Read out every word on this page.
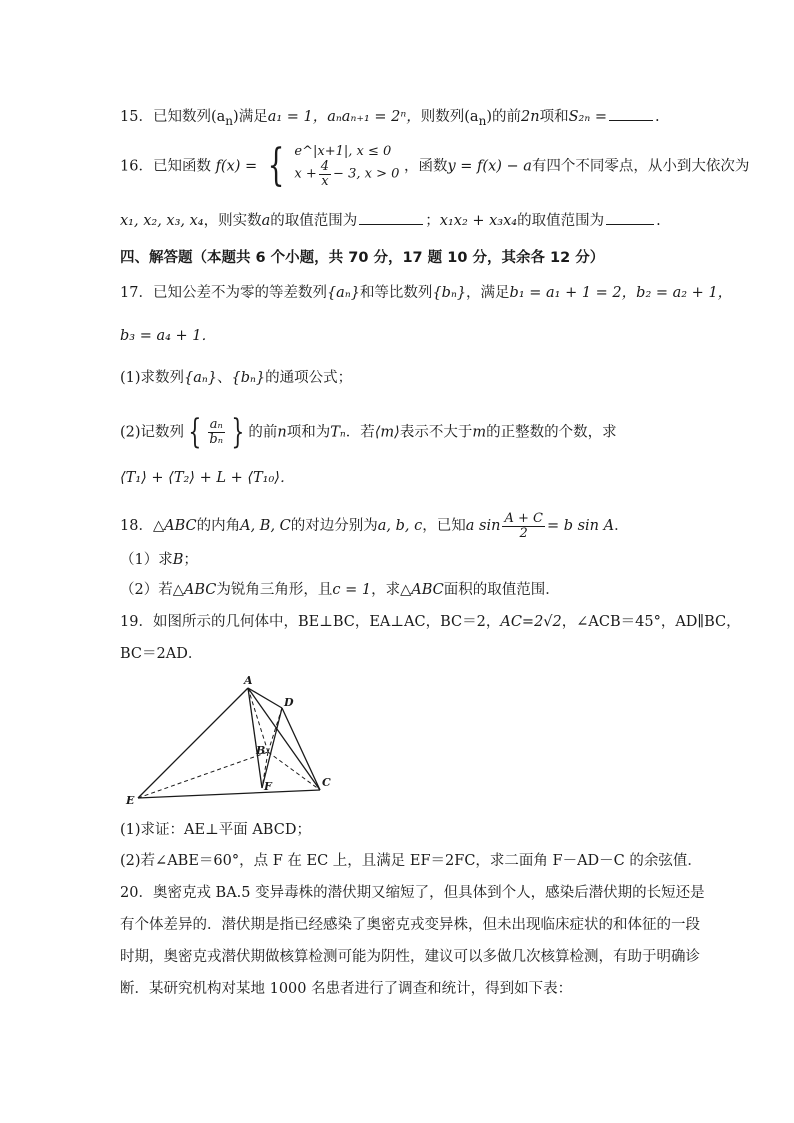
15．已知数列$(a_n)$满足a₁ = 1，aₙaₙ₊₁ = 2ⁿ，则数列$(a_n)$的前2n项和S₂ₙ =	.
16．已知函数 f(x) = { e^|x+1|, x ≤ 0
$x + \frac{4}{x} - 3$, x > 0
，函数y = f(x) − a有四个不同零点，从小到大依次为
x₁, x₂, x₃, x₄，则实数a的取值范围为	；x₁x₂ + x₃x₄的取值范围为	.
四、解答题（本题共 6 个小题，共 70 分，17 题 10 分，其余各 12 分）
17．已知公差不为零的等差数列{aₙ}和等比数列{bₙ}，满足b₁ = a₁ + 1 = 2，b₂ = a₂ + 1，
b₃ = a₄ + 1．
(1)求数列{aₙ}、{bₙ}的通项公式；
(2)记数列 { $\frac{\text{aₙ}}{\text{bₙ}}$ } 的前n项和为Tₙ．若⟨m⟩表示不大于m的正整数的个数，求
⟨T₁⟩ + ⟨T₂⟩ + L + ⟨T₁₀⟩．
18．△ABC的内角A, B, C的对边分别为a, b, c，已知a $\sin \frac{A + C}{2} = b$ sin A．
（1）求B；
（2）若△ABC为锐角三角形，且c = 1，求△ABC面积的取值范围．
19．如图所示的几何体中，BE⊥BC，EA⊥AC，BC＝2，AC=2√2，∠ACB＝45°，AD∥BC，
BC＝2AD．
A
D
B
C
E
F
(1)求证：AE⊥平面 ABCD；
(2)若∠ABE＝60°，点 F 在 EC 上，且满足 EF＝2FC，求二面角 F－AD－C 的余弦值．
20．奥密克戎 BA.5 变异毒株的潜伏期又缩短了，但具体到个人，感染后潜伏期的长短还是
有个体差异的．潜伏期是指已经感染了奥密克戎变异株，但未出现临床症状的和体征的一段
时期，奥密克戎潜伏期做核算检测可能为阴性，建议可以多做几次核算检测，有助于明确诊
断．某研究机构对某地 1000 名患者进行了调查和统计，得到如下表：
